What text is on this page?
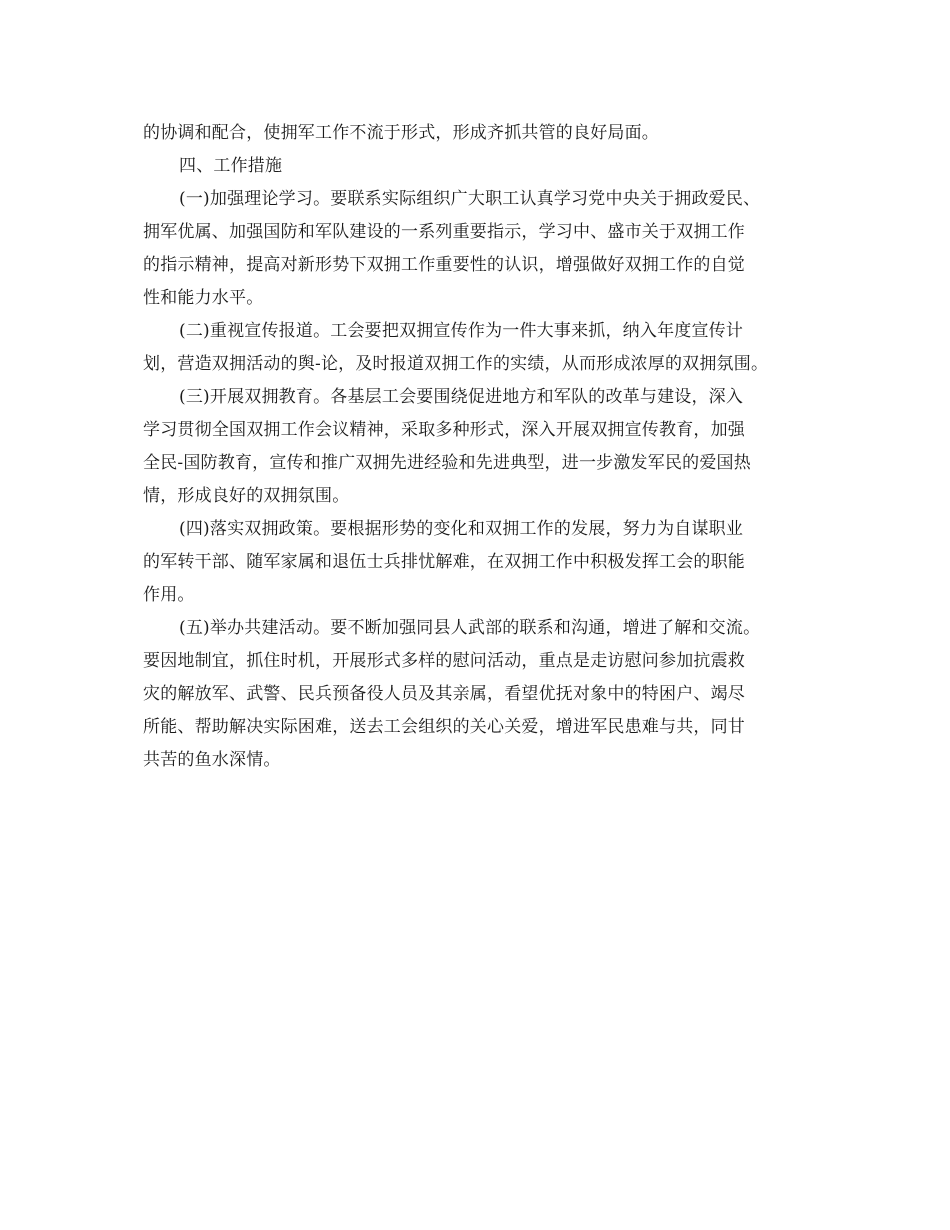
的协调和配合，使拥军工作不流于形式，形成齐抓共管的良好局面。
四、工作措施
(一)加强理论学习。要联系实际组织广大职工认真学习党中央关于拥政爱民、
拥军优属、加强国防和军队建设的一系列重要指示，学习中、盛市关于双拥工作
的指示精神，提高对新形势下双拥工作重要性的认识，增强做好双拥工作的自觉
性和能力水平。
(二)重视宣传报道。工会要把双拥宣传作为一件大事来抓，纳入年度宣传计
划，营造双拥活动的舆-论，及时报道双拥工作的实绩，从而形成浓厚的双拥氛围。
(三)开展双拥教育。各基层工会要围绕促进地方和军队的改革与建设，深入
学习贯彻全国双拥工作会议精神，采取多种形式，深入开展双拥宣传教育，加强
全民-国防教育，宣传和推广双拥先进经验和先进典型，进一步激发军民的爱国热
情，形成良好的双拥氛围。
(四)落实双拥政策。要根据形势的变化和双拥工作的发展，努力为自谋职业
的军转干部、随军家属和退伍士兵排忧解难，在双拥工作中积极发挥工会的职能
作用。
(五)举办共建活动。要不断加强同县人武部的联系和沟通，增进了解和交流。
要因地制宜，抓住时机，开展形式多样的慰问活动，重点是走访慰问参加抗震救
灾的解放军、武警、民兵预备役人员及其亲属，看望优抚对象中的特困户、竭尽
所能、帮助解决实际困难，送去工会组织的关心关爱，增进军民患难与共，同甘
共苦的鱼水深情。
